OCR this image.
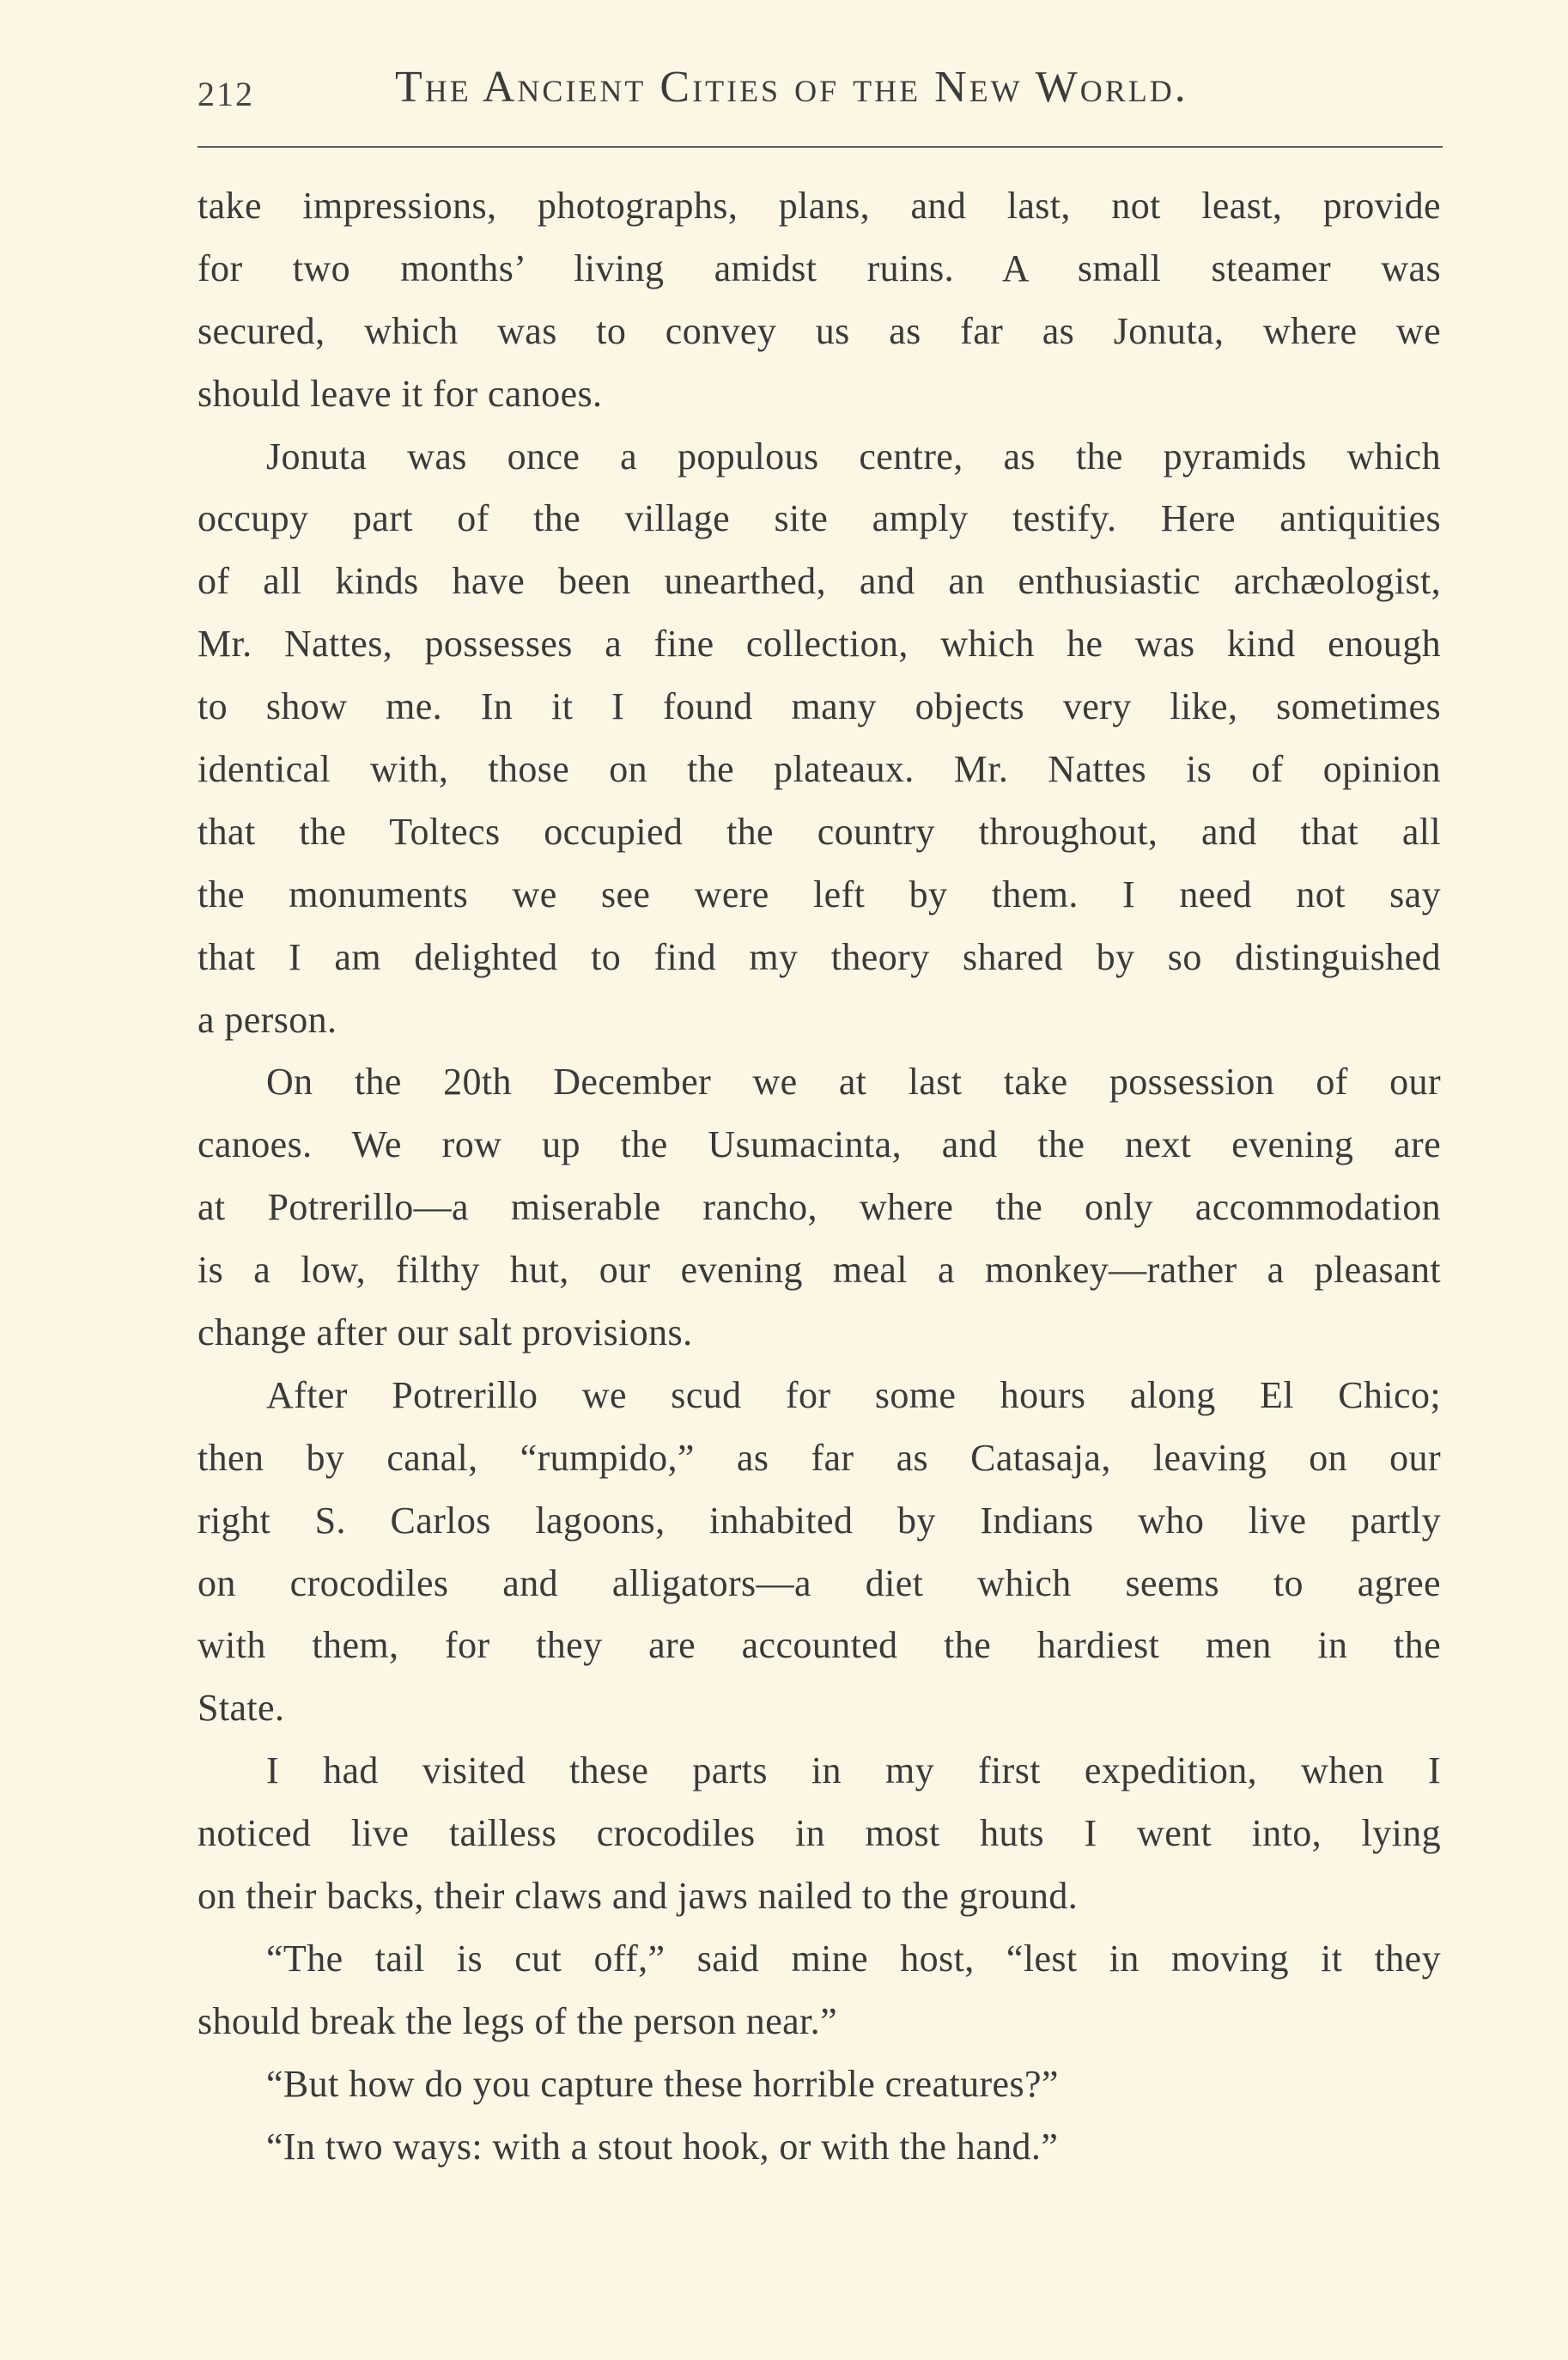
212	The Ancient Cities of the New World.
take impressions, photographs, plans, and last, not least, provide
for two months’ living amidst ruins. A small steamer was
secured, which was to convey us as far as Jonuta, where we
should leave it for canoes.
Jonuta was once a populous centre, as the pyramids which
occupy part of the village site amply testify. Here antiquities
of all kinds have been unearthed, and an enthusiastic archæologist,
Mr. Nattes, possesses a fine collection, which he was kind enough
to show me. In it I found many objects very like, sometimes
identical with, those on the plateaux. Mr. Nattes is of opinion
that the Toltecs occupied the country throughout, and that all
the monuments we see were left by them. I need not say
that I am delighted to find my theory shared by so distinguished
a person.
On the 20th December we at last take possession of our
canoes. We row up the Usumacinta, and the next evening are
at Potrerillo—a miserable rancho, where the only accommodation
is a low, filthy hut, our evening meal a monkey—rather a pleasant
change after our salt provisions.
After Potrerillo we scud for some hours along El Chico;
then by canal, “rumpido,” as far as Catasaja, leaving on our
right S. Carlos lagoons, inhabited by Indians who live partly
on crocodiles and alligators—a diet which seems to agree
with them, for they are accounted the hardiest men in the
State.
I had visited these parts in my first expedition, when I
noticed live tailless crocodiles in most huts I went into, lying
on their backs, their claws and jaws nailed to the ground.
“The tail is cut off,” said mine host, “lest in moving it they
should break the legs of the person near.”
“But how do you capture these horrible creatures?”
“In two ways: with a stout hook, or with the hand.”
